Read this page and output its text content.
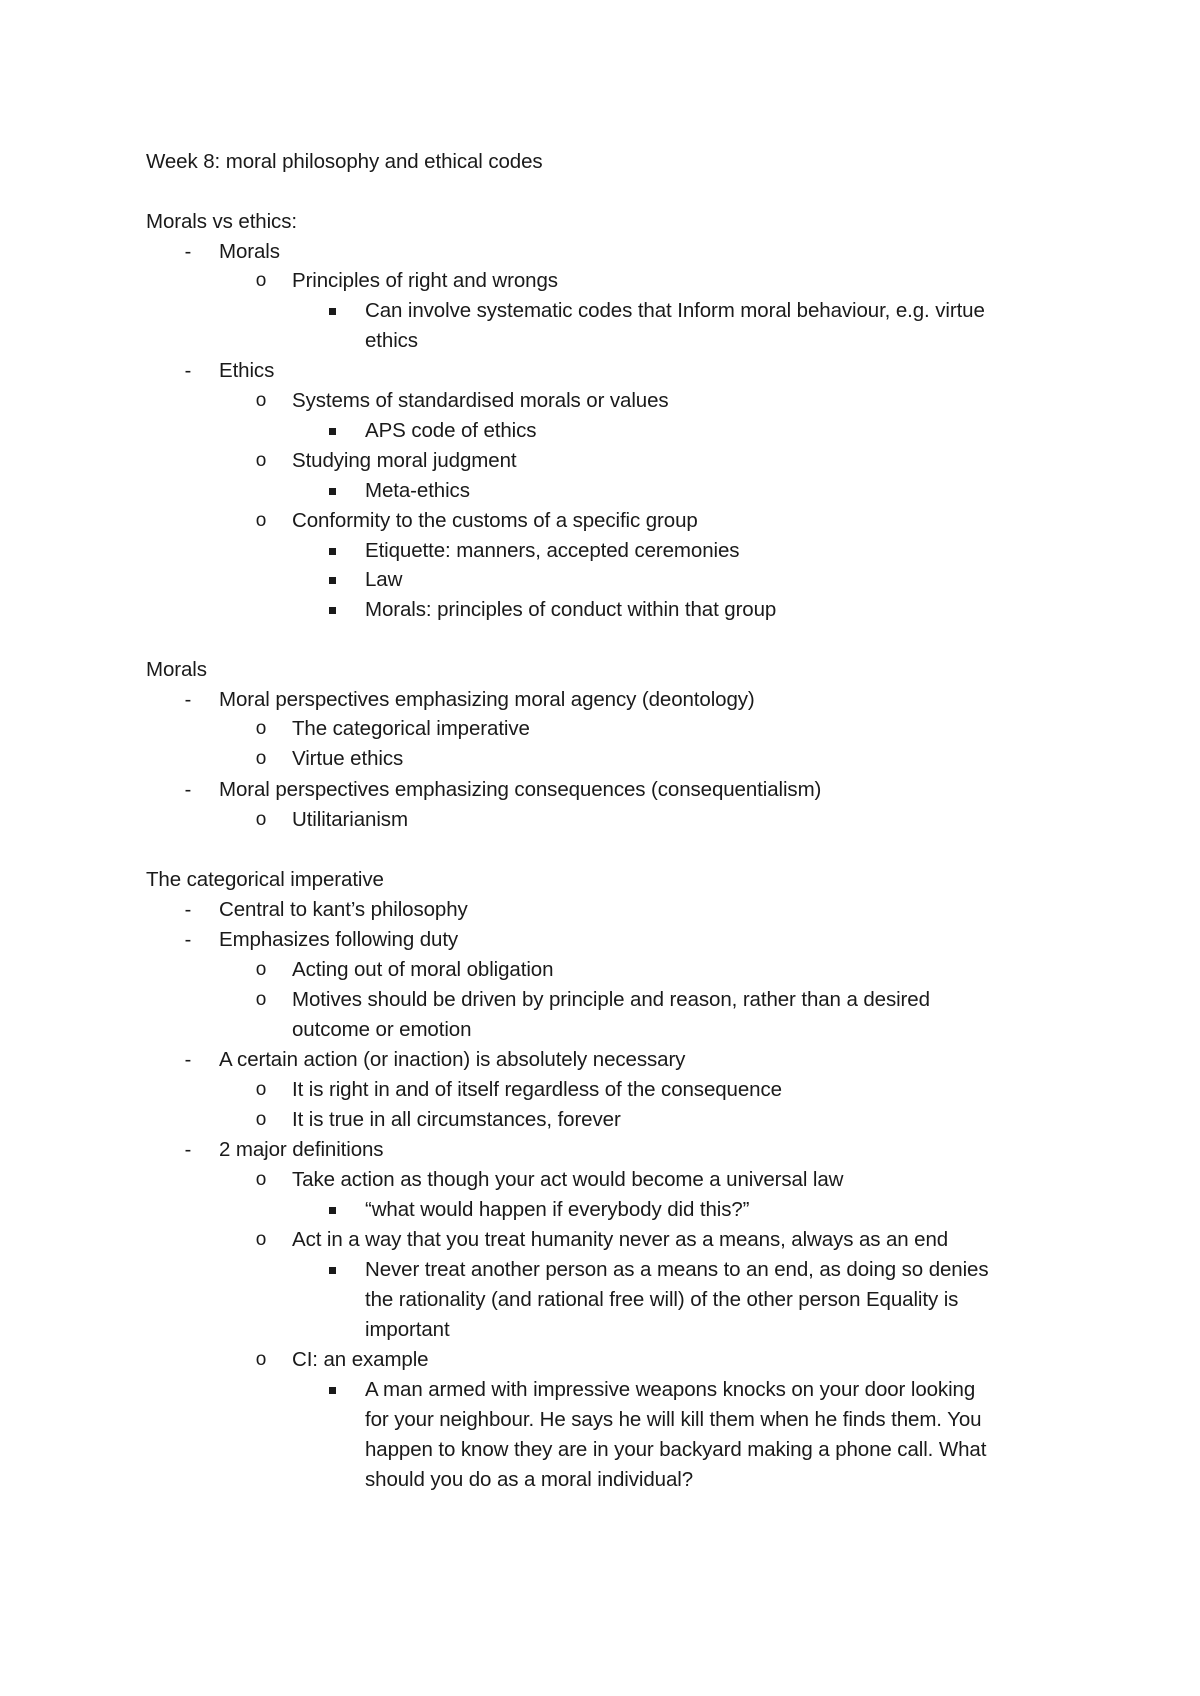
Week 8: moral philosophy and ethical codes
Morals vs ethics:
- Morals
o Principles of right and wrongs
Can involve systematic codes that Inform moral behaviour, e.g. virtue
ethics
- Ethics
o Systems of standardised morals or values
APS code of ethics
o Studying moral judgment
Meta-ethics
o Conformity to the customs of a specific group
Etiquette: manners, accepted ceremonies
Law
Morals: principles of conduct within that group
Morals
- Moral perspectives emphasizing moral agency (deontology)
o The categorical imperative
o Virtue ethics
- Moral perspectives emphasizing consequences (consequentialism)
o Utilitarianism
The categorical imperative
- Central to kant’s philosophy
- Emphasizes following duty
o Acting out of moral obligation
o Motives should be driven by principle and reason, rather than a desired
outcome or emotion
- A certain action (or inaction) is absolutely necessary
o It is right in and of itself regardless of the consequence
o It is true in all circumstances, forever
- 2 major definitions
o Take action as though your act would become a universal law
“what would happen if everybody did this?”
o Act in a way that you treat humanity never as a means, always as an end
Never treat another person as a means to an end, as doing so denies
the rationality (and rational free will) of the other person Equality is
important
o CI: an example
A man armed with impressive weapons knocks on your door looking
for your neighbour. He says he will kill them when he finds them. You
happen to know they are in your backyard making a phone call. What
should you do as a moral individual?
